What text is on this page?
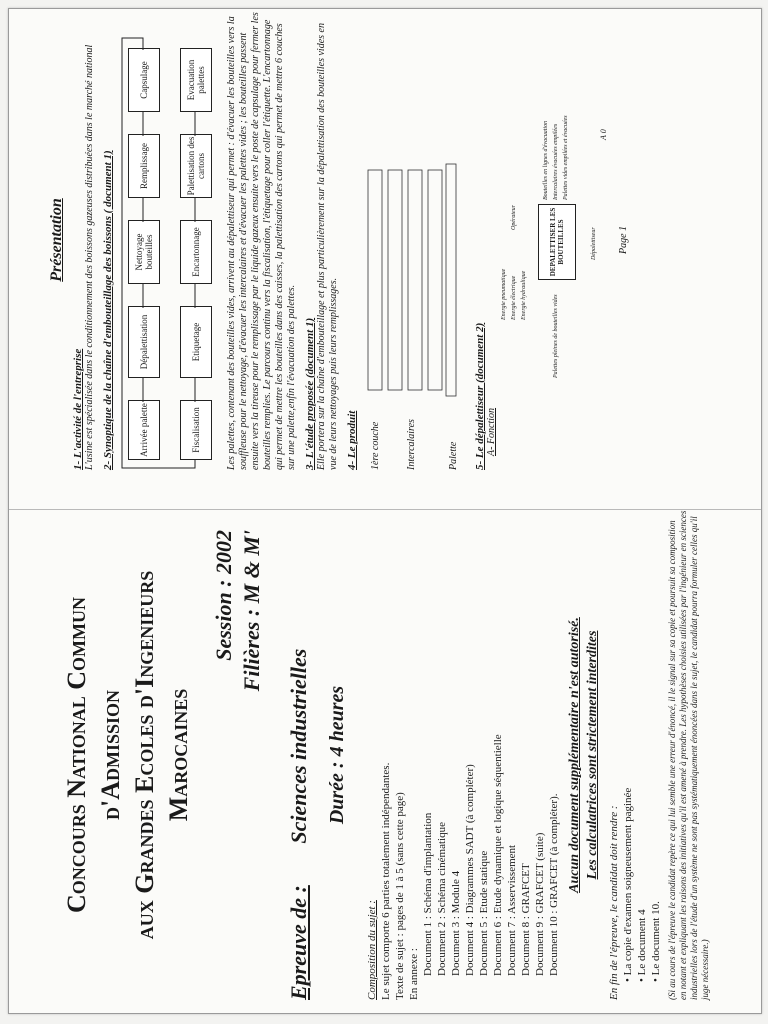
Présentation
1- L'activité de l'entreprise L'usine est spécialisée dans le conditionnement des boissons gazeuses distribuées dans le marché national 2- Synoptique de la chaîne d'embouteillage des boissons ( document 1)	Arrivée palette
Dépalettisation
Nettoyage bouteilles
Remplissage
Capsulage
Fiscalisation
Etiquetage
Encartonnage
Palettisation des cartons
Evacuation palettes	Les palettes, contenant des bouteilles vides, arrivent au dépalettiseur qui permet : d'évacuer les bouteilles vers la souffleuse pour le nettoyage, d'évacuer les intercalaires et d'évacuer les palettes vides ; les bouteilles passent ensuite vers la tireuse pour le remplissage par le liquide gazeux ensuite vers le poste de capsulage pour fermer les bouteilles remplies. Le parcours continu vers la fiscalisation, l'étiquetage pour coller l'étiquette. L'encartonnage qui permet de mettre les bouteilles dans des caisses, la palettisation des cartons qui permet de mettre 6 couches sur une palette,enfin l'évacuation des palettes. 3- L'étude proposée (document 1) Elle portera sur la chaîne d'embouteillage et plus particulièrement sur la dépalettisation des bouteilles vides en vue de leurs nettoyages puis leurs remplissages. 4- Le produit 1ère couche	Intercalaires	Palette 5- Le dépalettiseur (document 2) A- Fonction
DEPALETTISER LES BOUTEILLES
Palettes pleines de bouteilles vides
Energie pneumatique Energie électrique Energie hydraulique
Opérateur
Bouteilles en lignes d'évacuation Intercalaires évacuées empilées Palettes vides empilées et évacuées
Dépalettiseur
A 0
Page 1
Concours National Commun d'Admission aux Grandes Ecoles d'Ingenieurs Marocaines
Session : 2002 Filières : M & M'
Epreuve de : Sciences industrielles Durée : 4 heures
Composition du sujet : Le sujet comporte 6 parties totalement indépendantes. Texte de sujet : pages de 1 à 5 (sans cette page) En annexe : Document 1 : Schéma d'implantation Document 2 : Schéma cinématique Document 3 : Module 4 Document 4 : Diagrammes SADT (à compléter) Document 5 : Etude statique Document 6 : Etude dynamique et logique séquentielle Document 7 : Asservissement Document 8 : GRAFCET Document 9 : GRAFCET (suite) Document 10 : GRAFCET (à compléter). Aucun document supplémentaire n'est autorisé. Les calculatrices sont strictement interdites
En fin de l'épreuve, le candidat doit rendre : • La copie d'examen soigneusement paginée • Le document 4 • Le document 10. (Si au cours de l'épreuve le candidat repère ce qui lui semble une erreur d'énoncé, il le signal sur sa copie et poursuit sa composition en notant et expliquant les raisons des initiatives qu'il est amené à prendre. Les hypothèses choisies utilisées par l'ingénieur en sciences industrielles lors de l'étude d'un système ne sont pas systématiquement énoncées dans le sujet, le candidat pourra formuler celles qu'il juge nécessaire.)
